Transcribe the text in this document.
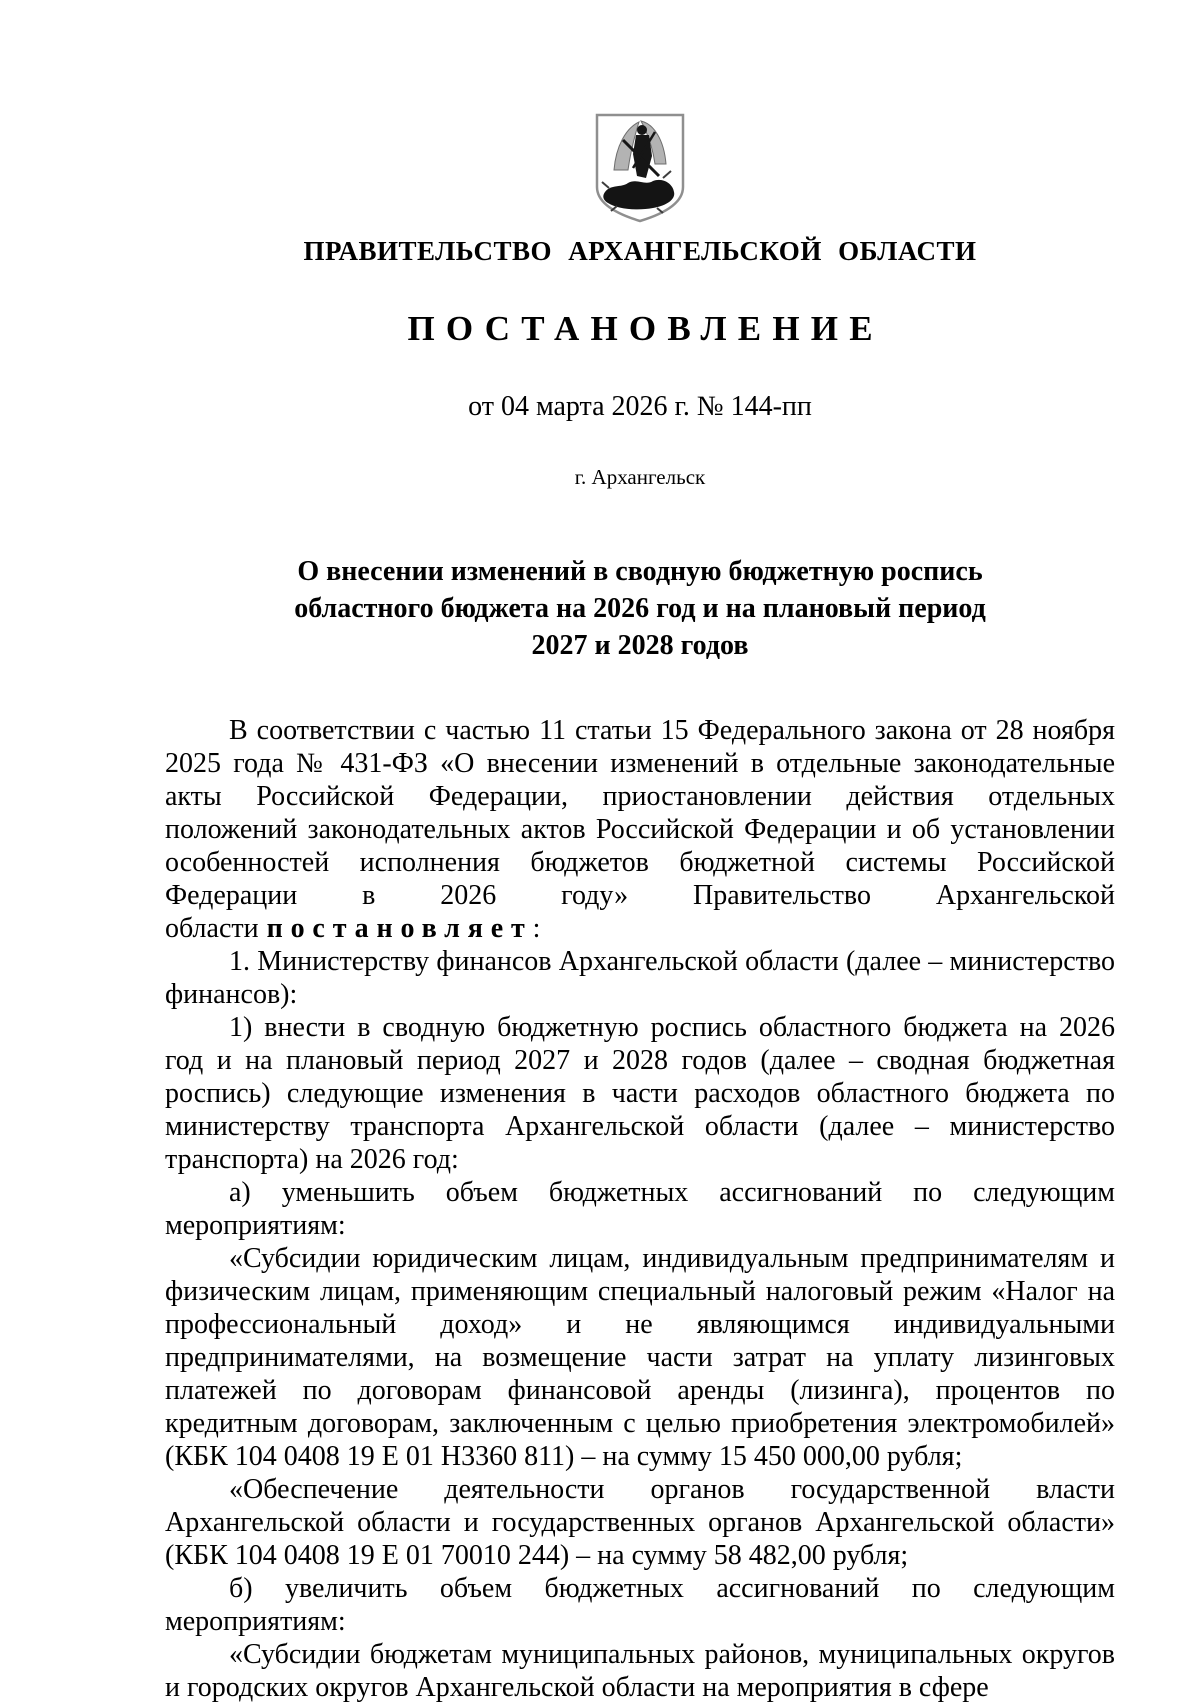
ПРАВИТЕЛЬСТВО АРХАНГЕЛЬСКОЙ ОБЛАСТИ
ПОСТАНОВЛЕНИЕ
от 04 марта 2026 г. № 144-пп
г. Архангельск
О внесении изменений в сводную бюджетную роспись
областного бюджета на 2026 год и на плановый период
2027 и 2028 годов

В соответствии с частью 11 статьи 15 Федерального закона от 28 ноября 2025 года № 431-ФЗ «О внесении изменений в отдельные законодательные акты Российской Федерации, приостановлении действия отдельных положений законодательных актов Российской Федерации и об установлении особенностей исполнения бюджетов бюджетной системы Российской Федерации в 2026 году» Правительство Архангельской области постановляет:

1. Министерству финансов Архангельской области (далее – министерство финансов):

1) внести в сводную бюджетную роспись областного бюджета на 2026 год и на плановый период 2027 и 2028 годов (далее – сводная бюджетная роспись) следующие изменения в части расходов областного бюджета по министерству транспорта Архангельской области (далее – министерство транспорта) на 2026 год:

а) уменьшить объем бюджетных ассигнований по следующим мероприятиям:

«Субсидии юридическим лицам, индивидуальным предпринимателям и физическим лицам, применяющим специальный налоговый режим «Налог на профессиональный доход» и не являющимся индивидуальными предпринимателями, на возмещение части затрат на уплату лизинговых платежей по договорам финансовой аренды (лизинга), процентов по кредитным договорам, заключенным с целью приобретения электромобилей» (КБК 104 0408 19 Е 01 Н3360 811) – на сумму 15 450 000,00 рубля;

«Обеспечение деятельности органов государственной власти Архангельской области и государственных органов Архангельской области» (КБК 104 0408 19 Е 01 70010 244) – на сумму 58 482,00 рубля;

б) увеличить объем бюджетных ассигнований по следующим мероприятиям:

«Субсидии бюджетам муниципальных районов, муниципальных округов и городских округов Архангельской области на мероприятия в сфере
